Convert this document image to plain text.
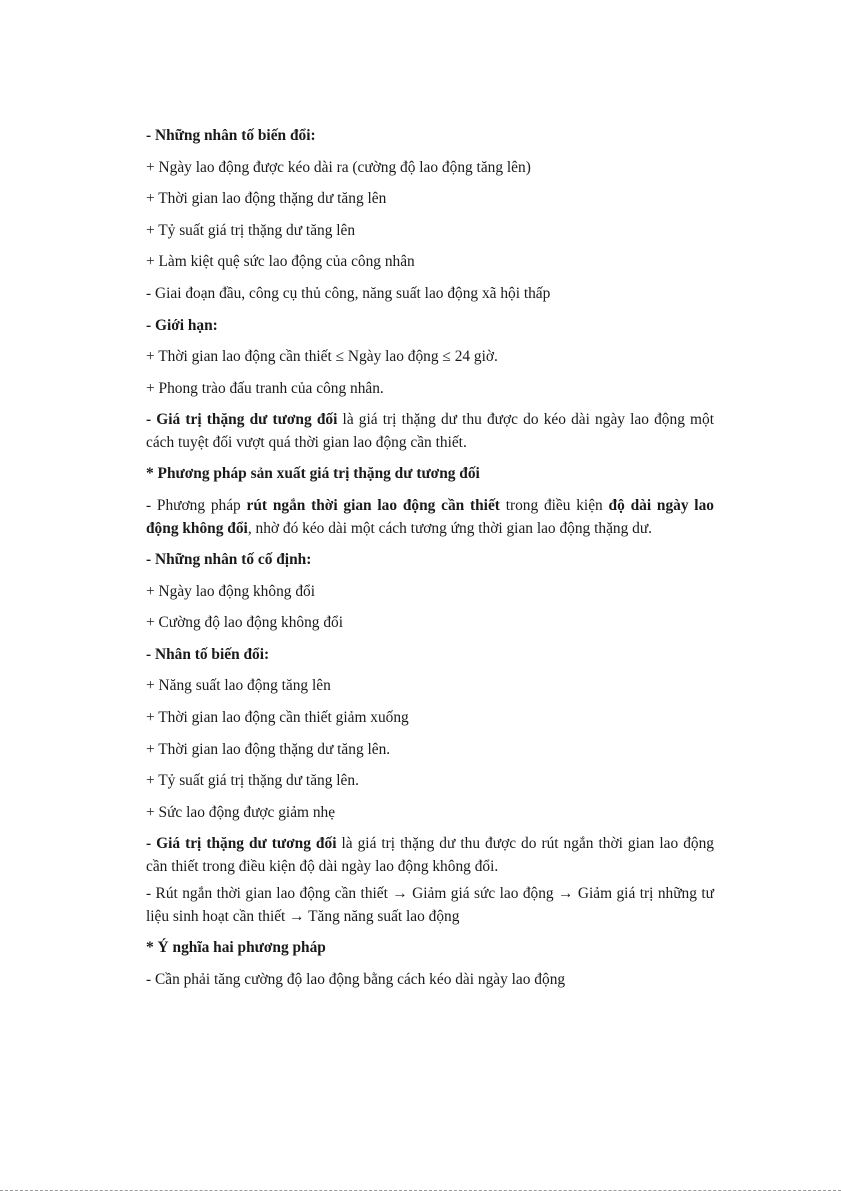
- Những nhân tố biến đổi:

+ Ngày lao động được kéo dài ra (cường độ lao động tăng lên)

+ Thời gian lao động thặng dư tăng lên

+ Tỷ suất giá trị thặng dư tăng lên

+ Làm kiệt quệ sức lao động của công nhân

- Giai đoạn đầu, công cụ thủ công, năng suất lao động xã hội thấp

- Giới hạn:

+ Thời gian lao động cần thiết ≤ Ngày lao động ≤ 24 giờ.

+ Phong trào đấu tranh của công nhân.

- Giá trị thặng dư tương đối là giá trị thặng dư thu được do kéo dài ngày lao động một cách tuyệt đối vượt quá thời gian lao động cần thiết.

* Phương pháp sản xuất giá trị thặng dư tương đối

- Phương pháp rút ngắn thời gian lao động cần thiết trong điều kiện độ dài ngày lao động không đổi, nhờ đó kéo dài một cách tương ứng thời gian lao động thặng dư.

- Những nhân tố cố định:

+ Ngày lao động không đổi

+ Cường độ lao động không đổi

- Nhân tố biến đổi:

+ Năng suất lao động tăng lên

+ Thời gian lao động cần thiết giảm xuống

+ Thời gian lao động thặng dư tăng lên.

+ Tỷ suất giá trị thặng dư tăng lên.

+ Sức lao động được giảm nhẹ

- Giá trị thặng dư tương đối là giá trị thặng dư thu được do rút ngắn thời gian lao động cần thiết trong điều kiện độ dài ngày lao động không đổi.

- Rút ngắn thời gian lao động cần thiết → Giảm giá sức lao động → Giảm giá trị những tư liệu sinh hoạt cần thiết → Tăng năng suất lao động

* Ý nghĩa hai phương pháp

- Cần phải tăng cường độ lao động bằng cách kéo dài ngày lao động
